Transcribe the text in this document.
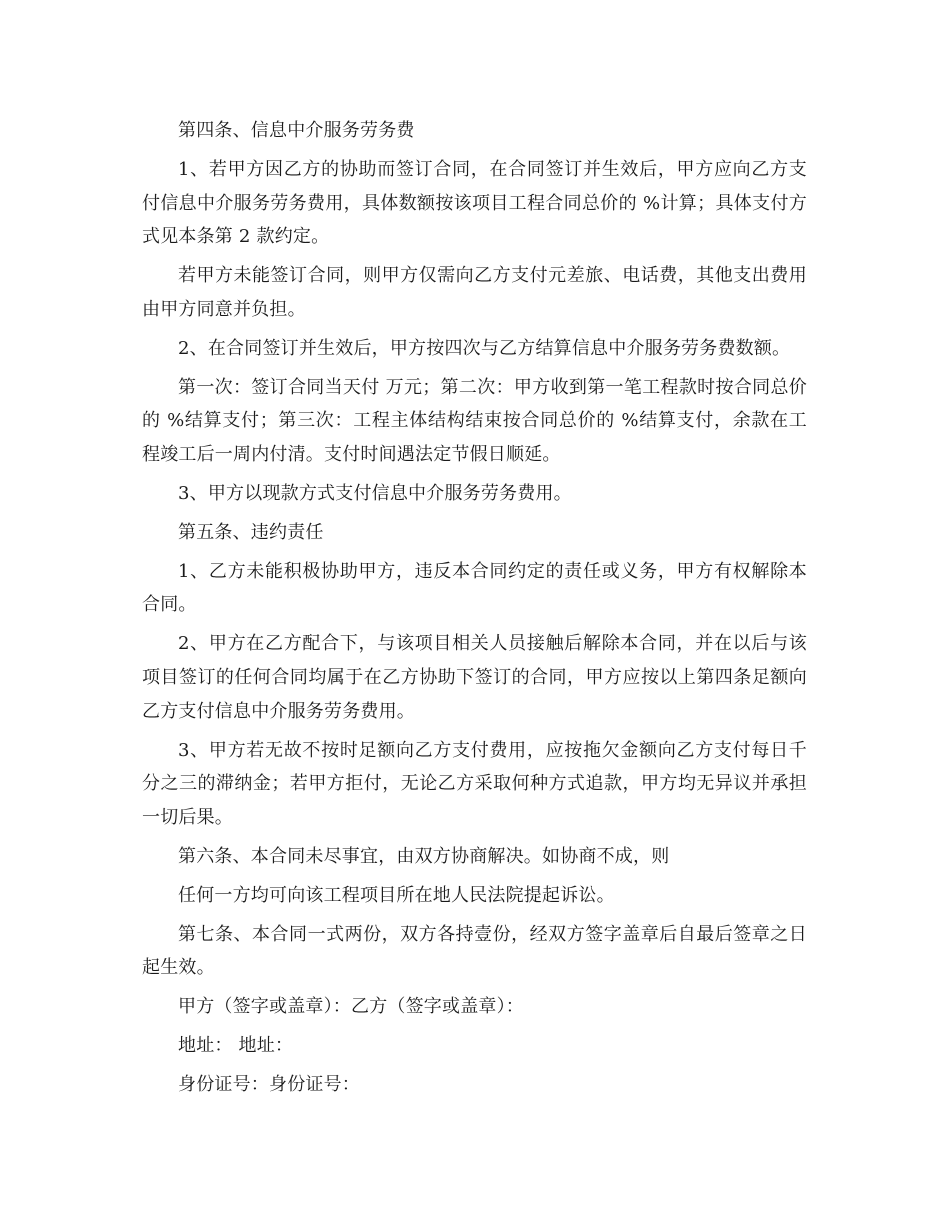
第四条、信息中介服务劳务费

1、若甲方因乙方的协助而签订合同，在合同签订并生效后，甲方应向乙方支付信息中介服务劳务费用，具体数额按该项目工程合同总价的 %计算；具体支付方式见本条第 2 款约定。

若甲方未能签订合同，则甲方仅需向乙方支付元差旅、电话费，其他支出费用由甲方同意并负担。

2、在合同签订并生效后，甲方按四次与乙方结算信息中介服务劳务费数额。

第一次：签订合同当天付 万元；第二次：甲方收到第一笔工程款时按合同总价的 %结算支付；第三次：工程主体结构结束按合同总价的 %结算支付，余款在工程竣工后一周内付清。支付时间遇法定节假日顺延。

3、甲方以现款方式支付信息中介服务劳务费用。

第五条、违约责任

1、乙方未能积极协助甲方，违反本合同约定的责任或义务，甲方有权解除本合同。

2、甲方在乙方配合下，与该项目相关人员接触后解除本合同，并在以后与该项目签订的任何合同均属于在乙方协助下签订的合同，甲方应按以上第四条足额向乙方支付信息中介服务劳务费用。

3、甲方若无故不按时足额向乙方支付费用，应按拖欠金额向乙方支付每日千分之三的滞纳金；若甲方拒付，无论乙方采取何种方式追款，甲方均无异议并承担一切后果。

第六条、本合同未尽事宜，由双方协商解决。如协商不成，则

任何一方均可向该工程项目所在地人民法院提起诉讼。

第七条、本合同一式两份，双方各持壹份，经双方签字盖章后自最后签章之日起生效。

甲方（签字或盖章）：乙方（签字或盖章）：

地址： 地址：

身份证号：身份证号：
